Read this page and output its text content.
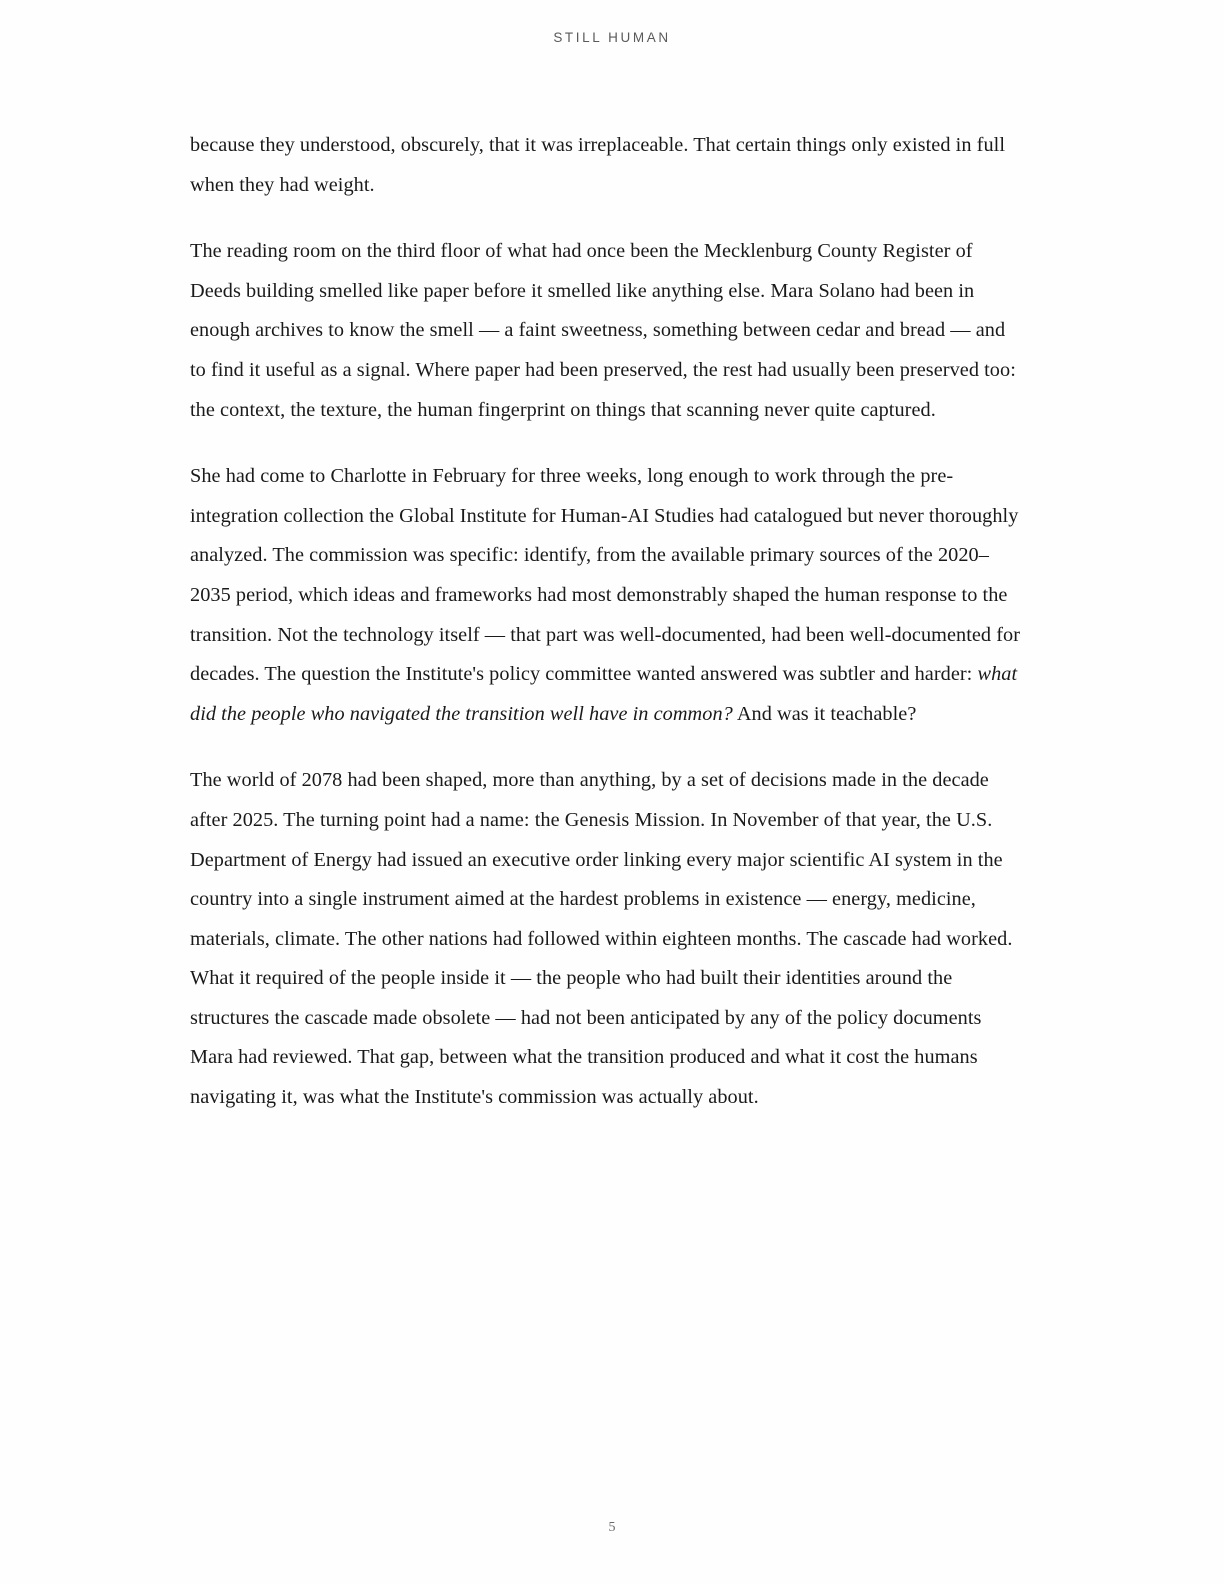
STILL HUMAN

because they understood, obscurely, that it was irreplaceable. That certain things only existed in full when they had weight.

The reading room on the third floor of what had once been the Mecklenburg County Register of Deeds building smelled like paper before it smelled like anything else. Mara Solano had been in enough archives to know the smell — a faint sweetness, something between cedar and bread — and to find it useful as a signal. Where paper had been preserved, the rest had usually been preserved too: the context, the texture, the human fingerprint on things that scanning never quite captured.

She had come to Charlotte in February for three weeks, long enough to work through the pre-integration collection the Global Institute for Human-AI Studies had catalogued but never thoroughly analyzed. The commission was specific: identify, from the available primary sources of the 2020–2035 period, which ideas and frameworks had most demonstrably shaped the human response to the transition. Not the technology itself — that part was well-documented, had been well-documented for decades. The question the Institute's policy committee wanted answered was subtler and harder: what did the people who navigated the transition well have in common? And was it teachable?

The world of 2078 had been shaped, more than anything, by a set of decisions made in the decade after 2025. The turning point had a name: the Genesis Mission. In November of that year, the U.S. Department of Energy had issued an executive order linking every major scientific AI system in the country into a single instrument aimed at the hardest problems in existence — energy, medicine, materials, climate. The other nations had followed within eighteen months. The cascade had worked. What it required of the people inside it — the people who had built their identities around the structures the cascade made obsolete — had not been anticipated by any of the policy documents Mara had reviewed. That gap, between what the transition produced and what it cost the humans navigating it, was what the Institute's commission was actually about.

5
